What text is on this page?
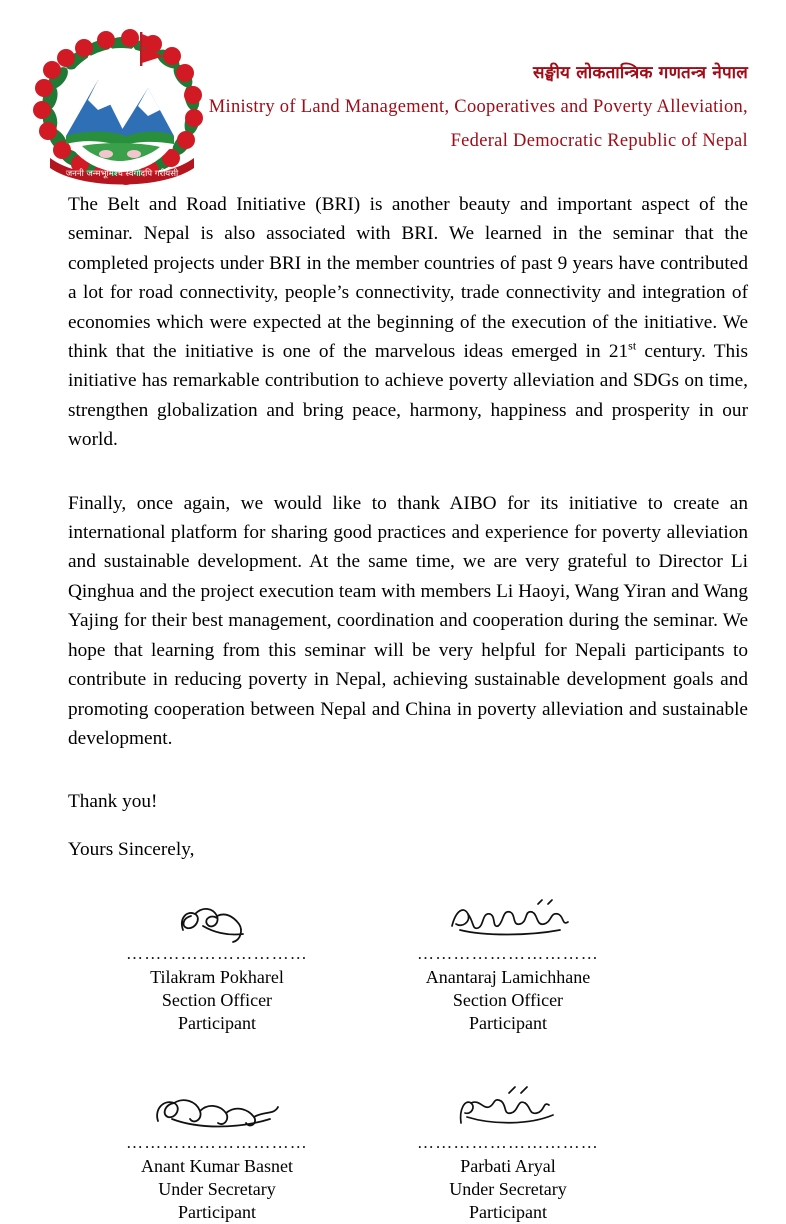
जननी जन्मभूमिश्च स्वर्गादपि गरीयसी
सङ्घीय लोकतान्त्रिक गणतन्त्र नेपाल
Ministry of Land Management, Cooperatives and Poverty Alleviation,
Federal Democratic Republic of Nepal

The Belt and Road Initiative (BRI) is another beauty and important aspect of the seminar. Nepal is also associated with BRI. We learned in the seminar that the completed projects under BRI in the member countries of past 9 years have contributed a lot for road connectivity, people’s connectivity, trade connectivity and integration of economies which were expected at the beginning of the execution of the initiative. We think that the initiative is one of the marvelous ideas emerged in 21st century. This initiative has remarkable contribution to achieve poverty alleviation and SDGs on time, strengthen globalization and bring peace, harmony, happiness and prosperity in our world.

Finally, once again, we would like to thank AIBO for its initiative to create an international platform for sharing good practices and experience for poverty alleviation and sustainable development. At the same time, we are very grateful to Director Li Qinghua and the project execution team with members Li Haoyi, Wang Yiran and Wang Yajing for their best management, coordination and cooperation during the seminar. We hope that learning from this seminar will be very helpful for Nepali participants to contribute in reducing poverty in Nepal, achieving sustainable development goals and promoting cooperation between Nepal and China in poverty alleviation and sustainable development.

Thank you!
Yours Sincerely,
…………………………
Tilakram Pokharel
Section Officer
Participant
…………………………
Anantaraj Lamichhane
Section Officer
Participant
…………………………
Anant Kumar Basnet
Under Secretary
Participant
…………………………
Parbati Aryal
Under Secretary
Participant
